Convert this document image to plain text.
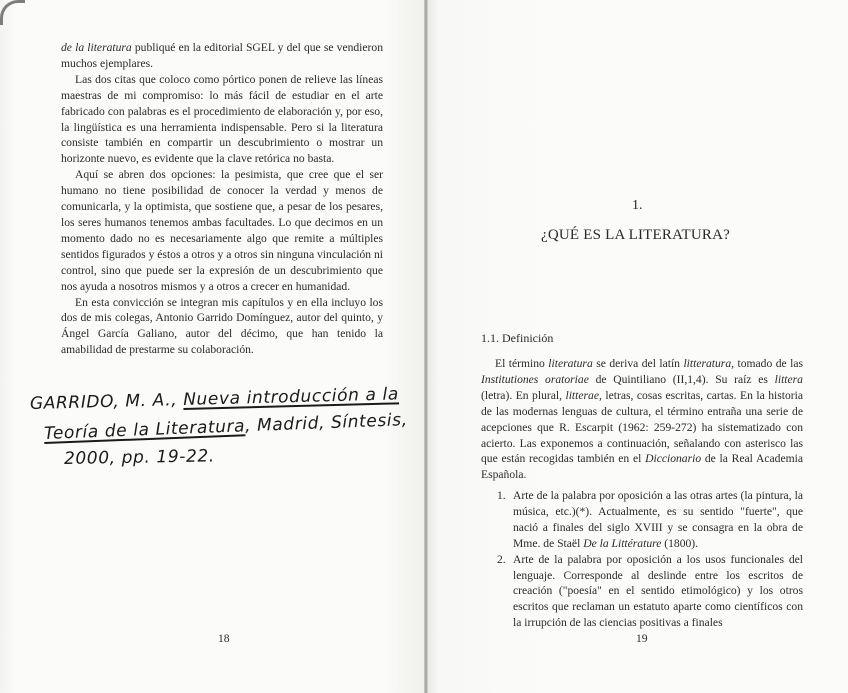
de la literatura publiqué en la editorial SGEL y del que se vendieron muchos ejemplares.

Las dos citas que coloco como pórtico ponen de relieve las líneas maestras de mi compromiso: lo más fácil de estudiar en el arte fabricado con palabras es el procedimiento de elaboración y, por eso, la lingüística es una herramienta indispensable. Pero si la literatura consiste también en compartir un descubrimiento o mostrar un horizonte nuevo, es evidente que la clave retórica no basta.

Aquí se abren dos opciones: la pesimista, que cree que el ser humano no tiene posibilidad de conocer la verdad y menos de comunicarla, y la optimista, que sostiene que, a pesar de los pesares, los seres humanos tenemos ambas facultades. Lo que decimos en un momento dado no es necesariamente algo que remite a múltiples sentidos figurados y éstos a otros y a otros sin ninguna vinculación ni control, sino que puede ser la expresión de un descubrimiento que nos ayuda a nosotros mismos y a otros a crecer en humanidad.

En esta convicción se integran mis capítulos y en ella incluyo los dos de mis colegas, Antonio Garrido Domínguez, autor del quinto, y Ángel García Galiano, autor del décimo, que han tenido la amabilidad de prestarme su colaboración.

GARRIDO, M. A., Nueva introducción a la
Teoría de la Literatura, Madrid, Síntesis,
2000, pp. 19-22.
18
1.
¿QUÉ ES LA LITERATURA?
1.1. Definición

El término literatura se deriva del latín litteratura, tomado de las Institutiones oratoriae de Quintiliano (II,1,4). Su raíz es littera (letra). En plural, litterae, letras, cosas escritas, cartas. En la historia de las modernas lenguas de cultura, el término entraña una serie de acepciones que R. Escarpit (1962: 259-272) ha sistematizado con acierto. Las exponemos a continuación, señalando con asterisco las que están recogidas también en el Diccionario de la Real Academia Española.

1. Arte de la palabra por oposición a las otras artes (la pintura, la música, etc.)(*). Actualmente, es su sentido "fuerte", que nació a finales del siglo XVIII y se consagra en la obra de Mme. de Staël De la Littérature (1800).
2. Arte de la palabra por oposición a los usos funcionales del lenguaje. Corresponde al deslinde entre los escritos de creación ("poesía" en el sentido etimológico) y los otros escritos que reclaman un estatuto aparte como científicos con la irrupción de las ciencias positivas a finales
19
